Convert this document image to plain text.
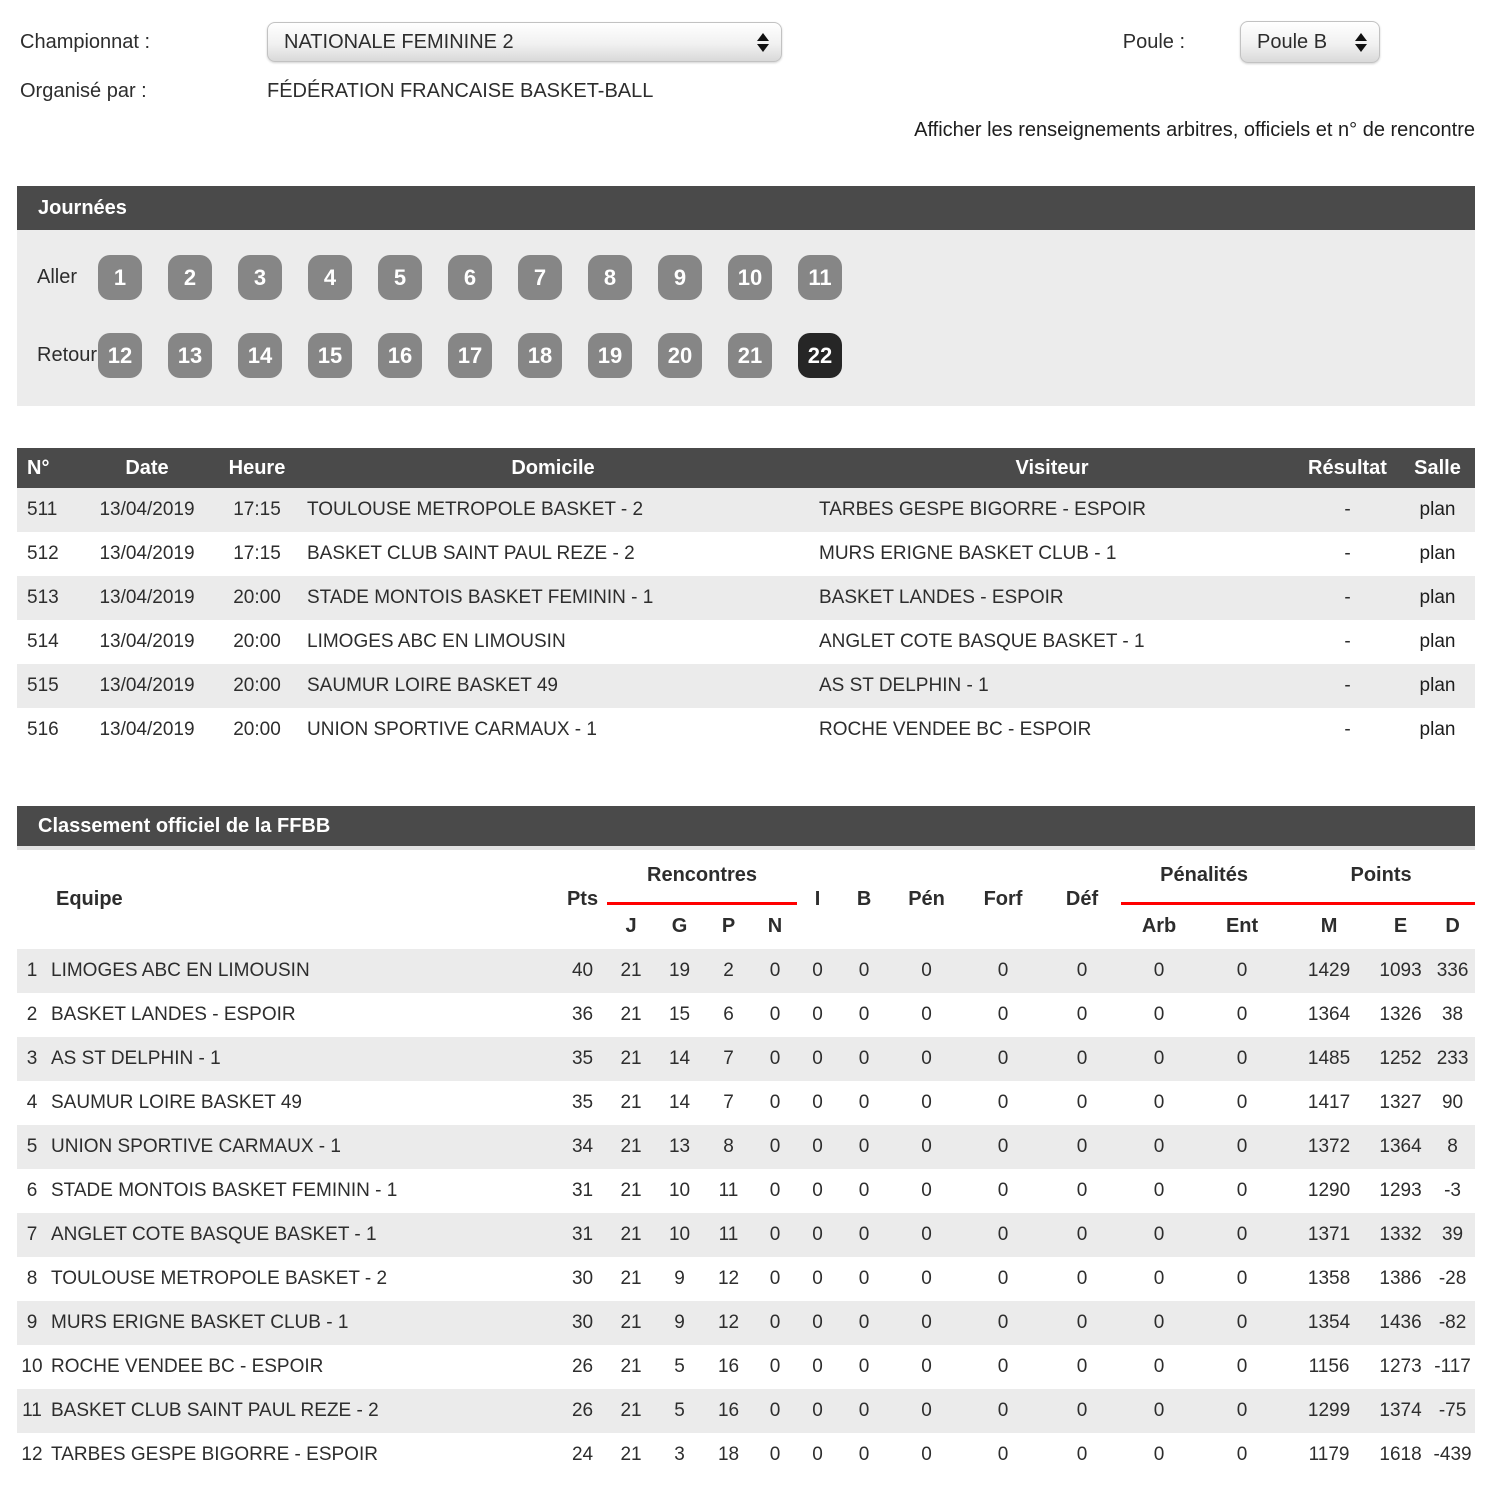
Championnat :	NATIONALE FEMININE 2	Poule :	Poule B
Organisé par :	FÉDÉRATION FRANCAISE BASKET-BALL
Afficher les renseignements arbitres, officiels et n° de rencontre
Journées
Aller	1	2	3	4	5	6	7	8	9 10 11
Retour 12 13 14 15 16 17 18 19 20 21 22
N°	Date	Heure	Domicile	Visiteur	Résultat	Salle
511	13/04/2019	17:15	TOULOUSE METROPOLE BASKET - 2	TARBES GESPE BIGORRE - ESPOIR	-	plan
512	13/04/2019	17:15	BASKET CLUB SAINT PAUL REZE - 2	MURS ERIGNE BASKET CLUB - 1	-	plan
513	13/04/2019	20:00	STADE MONTOIS BASKET FEMININ - 1	BASKET LANDES - ESPOIR	-	plan
514	13/04/2019	20:00	LIMOGES ABC EN LIMOUSIN	ANGLET COTE BASQUE BASKET - 1	-	plan
515	13/04/2019	20:00	SAUMUR LOIRE BASKET 49	AS ST DELPHIN - 1	-	plan
516	13/04/2019	20:00	UNION SPORTIVE CARMAUX - 1	ROCHE VENDEE BC - ESPOIR	-	plan
Classement officiel de la FFBB
Equipe		Pts	Rencontres				I	B	Pén	Forf	Déf	Pénalités		Points		
			J	G	P	N						Arb	Ent	M	E	D
1	LIMOGES ABC EN LIMOUSIN	40	21	19	2	0	0	0	0	0	0	0	0	1429	1093	336
2	BASKET LANDES - ESPOIR	36	21	15	6	0	0	0	0	0	0	0	0	1364	1326	38
3	AS ST DELPHIN - 1	35	21	14	7	0	0	0	0	0	0	0	0	1485	1252	233
4	SAUMUR LOIRE BASKET 49	35	21	14	7	0	0	0	0	0	0	0	0	1417	1327	90
5	UNION SPORTIVE CARMAUX - 1	34	21	13	8	0	0	0	0	0	0	0	0	1372	1364	8
6	STADE MONTOIS BASKET FEMININ - 1	31	21	10	11	0	0	0	0	0	0	0	0	1290	1293	-3
7	ANGLET COTE BASQUE BASKET - 1	31	21	10	11	0	0	0	0	0	0	0	0	1371	1332	39
8	TOULOUSE METROPOLE BASKET - 2	30	21	9	12	0	0	0	0	0	0	0	0	1358	1386	-28
9	MURS ERIGNE BASKET CLUB - 1	30	21	9	12	0	0	0	0	0	0	0	0	1354	1436	-82
10	ROCHE VENDEE BC - ESPOIR	26	21	5	16	0	0	0	0	0	0	0	0	1156	1273	-117
11	BASKET CLUB SAINT PAUL REZE - 2	26	21	5	16	0	0	0	0	0	0	0	0	1299	1374	-75
12	TARBES GESPE BIGORRE - ESPOIR	24	21	3	18	0	0	0	0	0	0	0	0	1179	1618	-439
